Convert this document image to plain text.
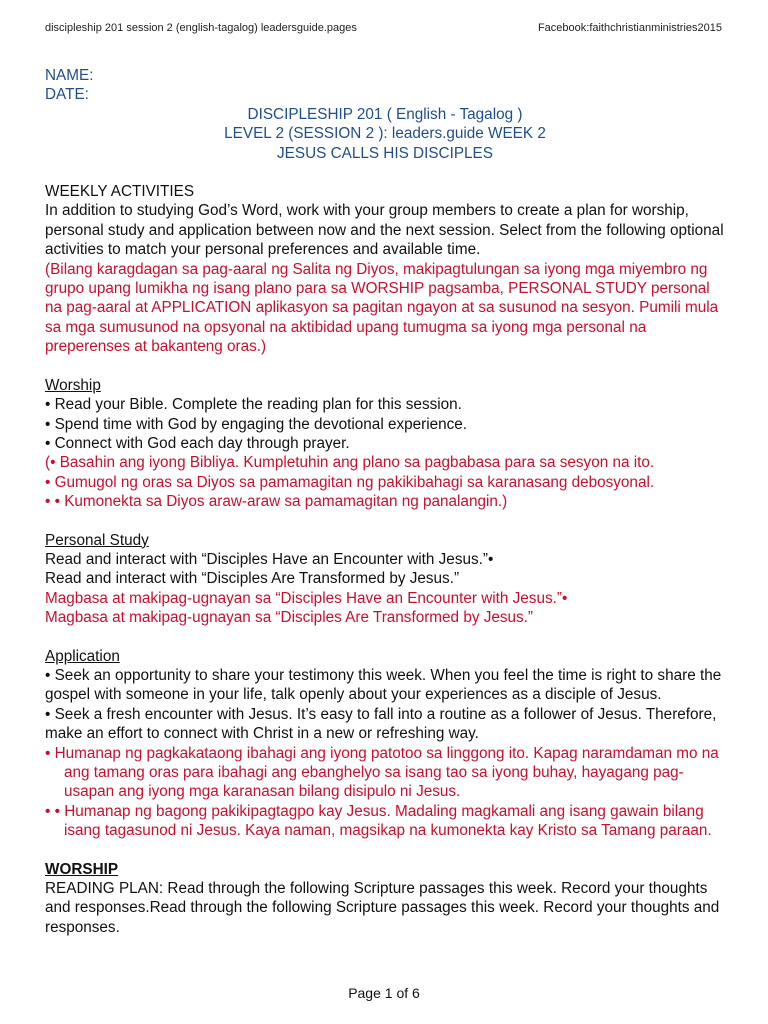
discipleship 201 session 2 (english-tagalog) leadersguide.pages	Facebook:faithchristianministries2015

NAME:

DATE:

DISCIPLESHIP 201 ( English - Tagalog )

LEVEL 2 (SESSION 2 ): leaders.guide WEEK 2

JESUS CALLS HIS DISCIPLES

WEEKLY ACTIVITIES

In addition to studying God’s Word, work with your group members to create a plan for worship, personal study and application between now and the next session. Select from the following optional activities to match your personal preferences and available time.

(Bilang karagdagan sa pag-aaral ng Salita ng Diyos, makipagtulungan sa iyong mga miyembro ng grupo upang lumikha ng isang plano para sa WORSHIP pagsamba, PERSONAL STUDY personal na pag-aaral at APPLICATION aplikasyon sa pagitan ngayon at sa susunod na sesyon. Pumili mula sa mga sumusunod na opsyonal na aktibidad upang tumugma sa iyong mga personal na preperenses at bakanteng oras.)

Worship

• Read your Bible. Complete the reading plan for this session.

• Spend time with God by engaging the devotional experience.

• Connect with God each day through prayer.

(• Basahin ang iyong Bibliya. Kumpletuhin ang plano sa pagbabasa para sa sesyon na ito.

• Gumugol ng oras sa Diyos sa pamamagitan ng pakikibahagi sa karanasang debosyonal.

• • Kumonekta sa Diyos araw-araw sa pamamagitan ng panalangin.)

Personal Study

Read and interact with “Disciples Have an Encounter with Jesus.”•

Read and interact with “Disciples Are Transformed by Jesus.”

Magbasa at makipag-ugnayan sa “Disciples Have an Encounter with Jesus.”•

Magbasa at makipag-ugnayan sa “Disciples Are Transformed by Jesus.”

Application

• Seek an opportunity to share your testimony this week. When you feel the time is right to share the gospel with someone in your life, talk openly about your experiences as a disciple of Jesus.

• Seek a fresh encounter with Jesus. It’s easy to fall into a routine as a follower of Jesus. Therefore, make an effort to connect with Christ in a new or refreshing way.

• Humanap ng pagkakataong ibahagi ang iyong patotoo sa linggong ito. Kapag naramdaman mo na ang tamang oras para ibahagi ang ebanghelyo sa isang tao sa iyong buhay, hayagang pag-usapan ang iyong mga karanasan bilang disipulo ni Jesus.

• • Humanap ng bagong pakikipagtagpo kay Jesus. Madaling magkamali ang isang gawain bilang isang tagasunod ni Jesus. Kaya naman, magsikap na kumonekta kay Kristo sa Tamang paraan.

WORSHIP

READING PLAN: Read through the following Scripture passages this week. Record your thoughts and responses.Read through the following Scripture passages this week. Record your thoughts and responses.

Page 1 of 6
